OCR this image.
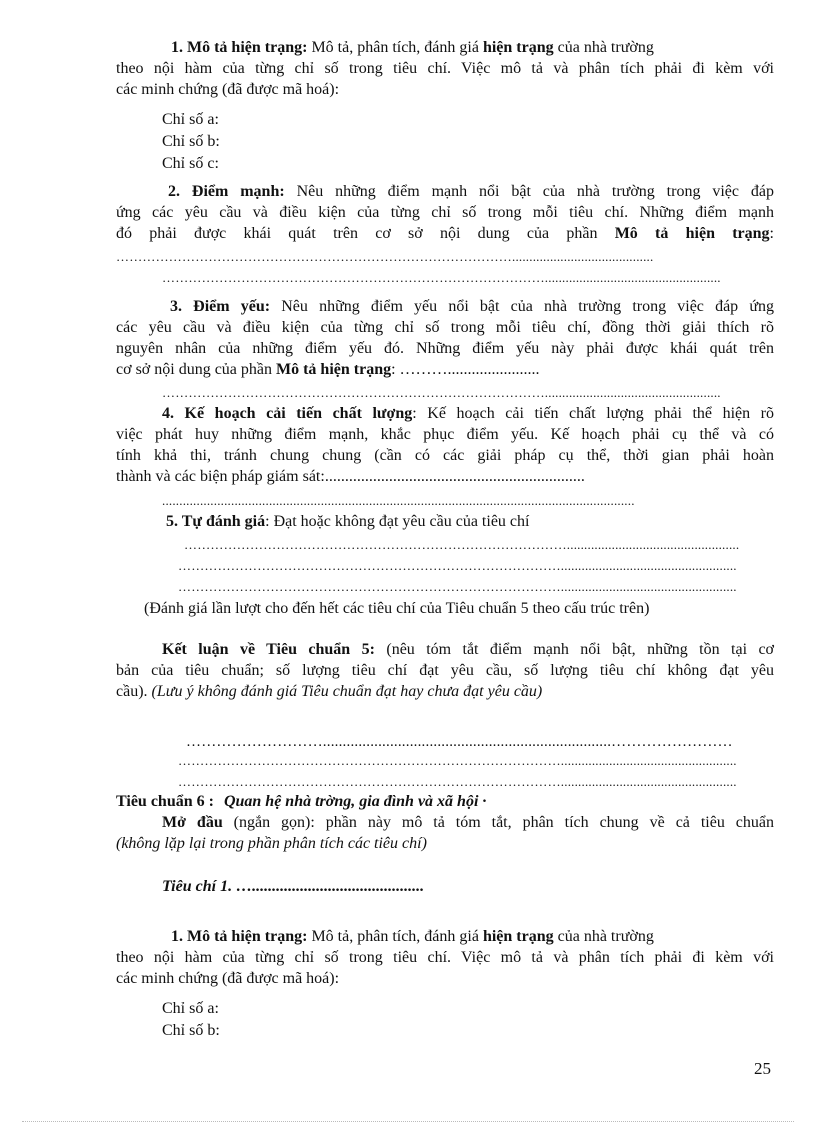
1. Mô tả hiện trạng: Mô tả, phân tích, đánh giá hiện trạng của nhà trường
theo nội hàm của từng chỉ số trong tiêu chí. Việc mô tả và phân tích phải đi kèm với
các minh chứng (đã được mã hoá):
Chỉ số a:
Chỉ số b:
Chỉ số c:
2. Điểm mạnh: Nêu những điểm mạnh nổi bật của nhà trường trong việc đáp
ứng các yêu cầu và điều kiện của từng chỉ số trong mỗi tiêu chí. Những điểm mạnh
đó phải được khái quát trên cơ sở nội dung của phần Mô tả hiện trạng:
……………………………………………………………………………….........................................
……………………………………………………………………………...................................................
3. Điểm yếu: Nêu những điểm yếu nổi bật của nhà trường trong việc đáp ứng
các yêu cầu và điều kiện của từng chỉ số trong mỗi tiêu chí, đồng thời giải thích rõ
nguyên nhân của những điểm yếu đó. Những điểm yếu này phải được khái quát trên
cơ sở nội dung của phần Mô tả hiện trạng: ……….......................
……………………………………………………………………………...................................................
4. Kế hoạch cải tiến chất lượng: Kế hoạch cải tiến chất lượng phải thể hiện rõ
việc phát huy những điểm mạnh, khắc phục điểm yếu. Kế hoạch phải cụ thể và có
tính khả thi, tránh chung chung (cần có các giải pháp cụ thể, thời gian phải hoàn
thành và các biện pháp giám sát:.................................................................
.........................................................................................................................................
5. Tự đánh giá: Đạt hoặc không đạt yêu cầu của tiêu chí
……………………………………………………………………………..................................................
……………………………………………………………………………...................................................
……………………………………………………………………………...................................................
(Đánh giá lần lượt cho đến hết các tiêu chí của Tiêu chuẩn 5 theo cấu trúc trên)
Kết luận về Tiêu chuẩn 5: (nêu tóm tắt điểm mạnh nổi bật, những tồn tại cơ
bản của tiêu chuẩn; số lượng tiêu chí đạt yêu cầu, số lượng tiêu chí không đạt yêu
cầu). (Lưu ý không đánh giá Tiêu chuẩn đạt hay chưa đạt yêu cầu)
……………………….........................................................................……………………
……………………………………………………………………………...................................................
……………………………………………………………………………...................................................
Tiêu chuẩn 6 : Quan hệ nhà trờng, gia đình và xã hội ·
Mở đầu (ngắn gọn): phần này mô tả tóm tắt, phân tích chung về cả tiêu chuẩn
(không lặp lại trong phần phân tích các tiêu chí)
Tiêu chí 1. …...........................................
1. Mô tả hiện trạng: Mô tả, phân tích, đánh giá hiện trạng của nhà trường
theo nội hàm của từng chỉ số trong tiêu chí. Việc mô tả và phân tích phải đi kèm với
các minh chứng (đã được mã hoá):
Chỉ số a:
Chỉ số b:
25
